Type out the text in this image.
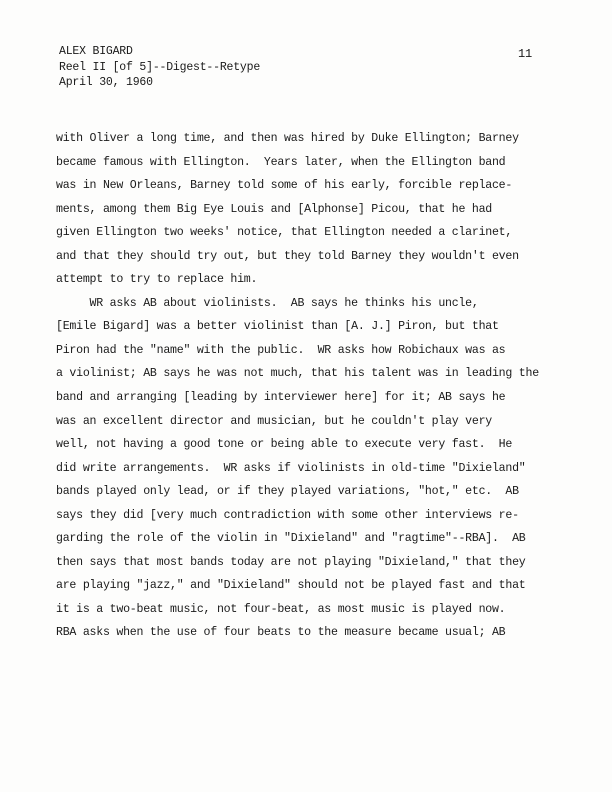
ALEX BIGARD
Reel II [of 5]--Digest--Retype
April 30, 1960
11
with Oliver a long time, and then was hired by Duke Ellington; Barney
became famous with Ellington.  Years later, when the Ellington band
was in New Orleans, Barney told some of his early, forcible replace-
ments, among them Big Eye Louis and [Alphonse] Picou, that he had
given Ellington two weeks' notice, that Ellington needed a clarinet,
and that they should try out, but they told Barney they wouldn't even
attempt to try to replace him.
WR asks AB about violinists.  AB says he thinks his uncle,
[Emile Bigard] was a better violinist than [A. J.] Piron, but that
Piron had the "name" with the public.  WR asks how Robichaux was as
a violinist; AB says he was not much, that his talent was in leading the
band and arranging [leading by interviewer here] for it; AB says he
was an excellent director and musician, but he couldn't play very
well, not having a good tone or being able to execute very fast.  He
did write arrangements.  WR asks if violinists in old-time "Dixieland"
bands played only lead, or if they played variations, "hot," etc.  AB
says they did [very much contradiction with some other interviews re-
garding the role of the violin in "Dixieland" and "ragtime"--RBA].  AB
then says that most bands today are not playing "Dixieland," that they
are playing "jazz," and "Dixieland" should not be played fast and that
it is a two-beat music, not four-beat, as most music is played now.
RBA asks when the use of four beats to the measure became usual; AB
